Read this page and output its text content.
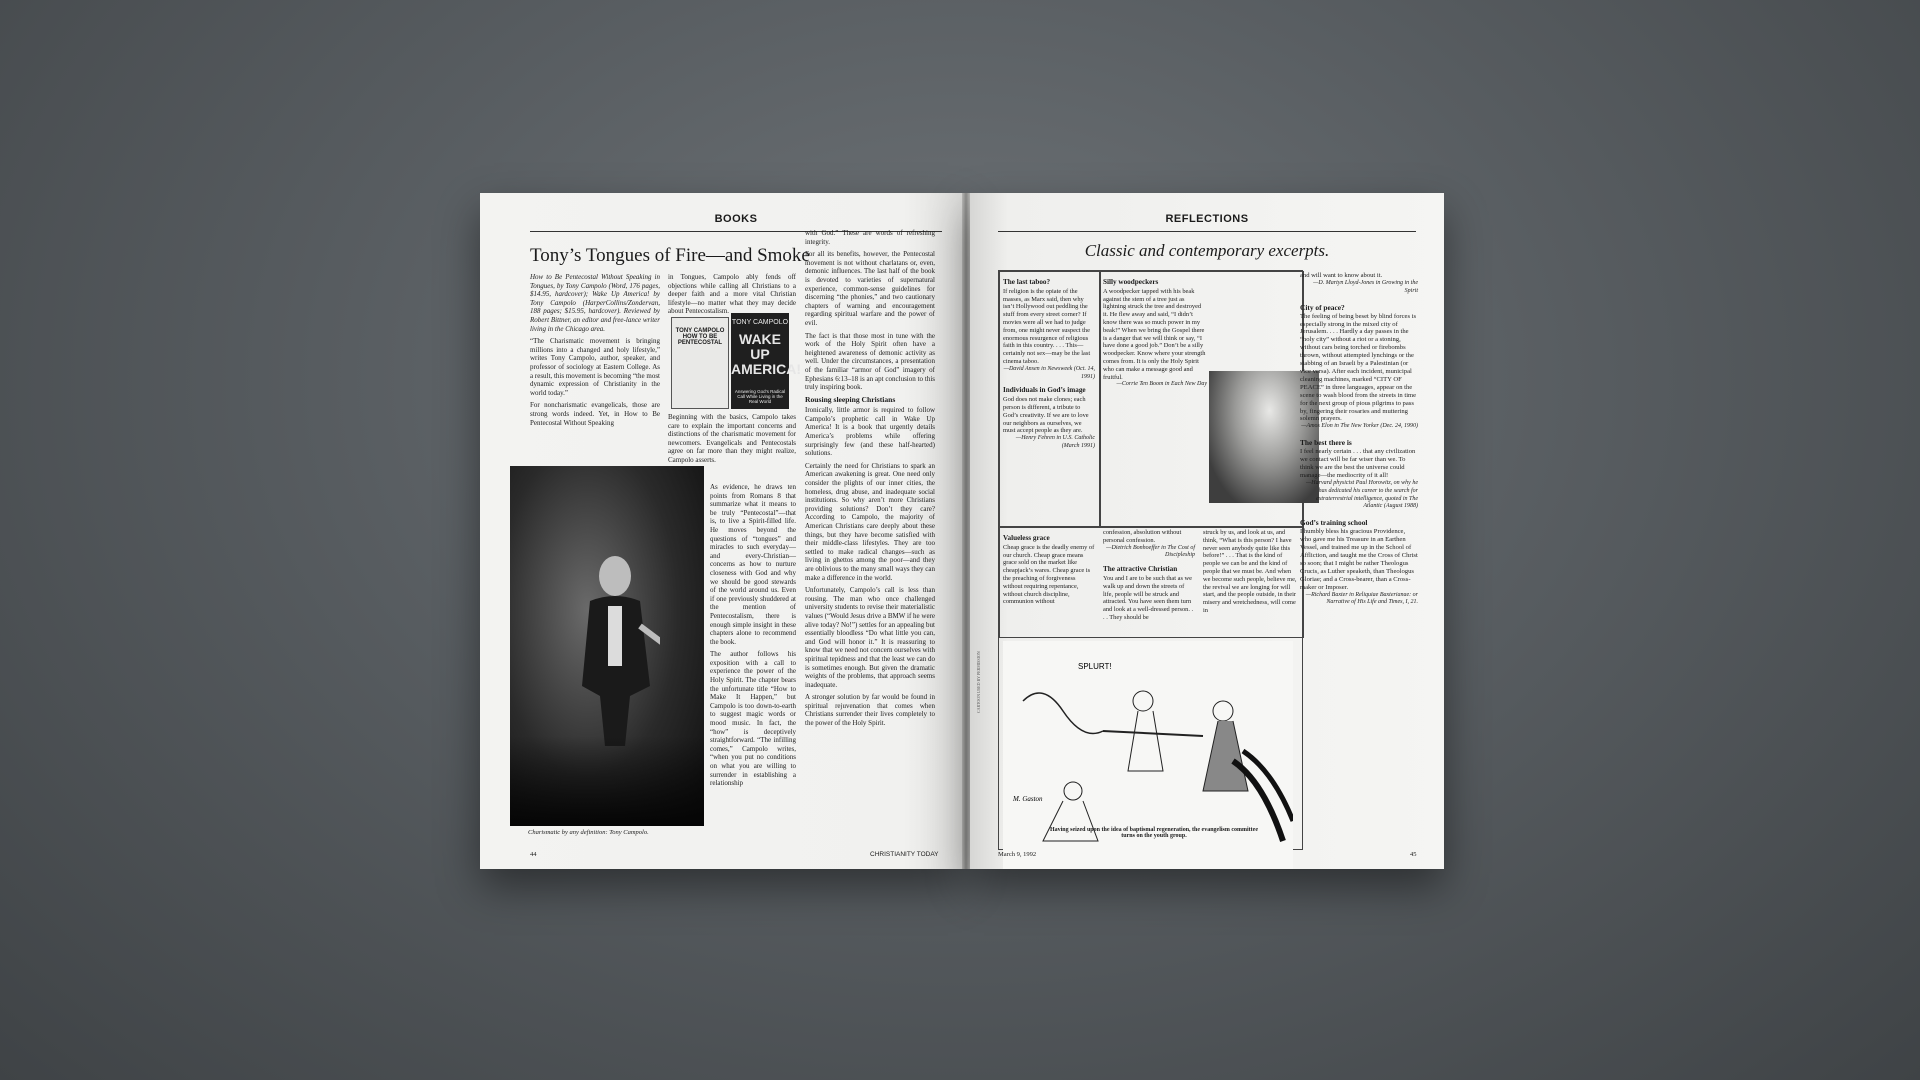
BOOKS
Tony’s Tongues of Fire—and Smoke

How to Be Pentecostal Without Speaking in Tongues, by Tony Campolo (Word, 176 pages, $14.95, hardcover); Wake Up America! by Tony Campolo (HarperCollins/Zondervan, 188 pages; $15.95, hardcover). Reviewed by Robert Bittner, an editor and free-lance writer living in the Chicago area.

“The Charismatic movement is bringing millions into a changed and holy lifestyle,” writes Tony Campolo, author, speaker, and professor of sociology at Eastern College. As a result, this movement is becoming “the most dynamic expression of Christianity in the world today.”

For noncharismatic evangelicals, those are strong words indeed. Yet, in How to Be Pentecostal Without Speaking

in Tongues, Campolo ably fends off objections while calling all Christians to a deeper faith and a more vital Christian lifestyle—no matter what they may decide about Pentecostalism.

TONY CAMPOLO HOW TO BE PENTECOSTAL
TONY CAMPOLO
WAKE UP AMERICA!
Answering God’s Radical Call While Living in the Real World

Beginning with the basics, Campolo takes care to explain the important concerns and distinctions of the charismatic movement for newcomers. Evangelicals and Pentecostals agree on far more than they might realize, Campolo asserts.

As evidence, he draws ten points from Romans 8 that summarize what it means to be truly “Pentecostal”—that is, to live a Spirit-filled life. He moves beyond the questions of “tongues” and miracles to such everyday—and every-Christian—concerns as how to nurture closeness with God and why we should be good stewards of the world around us. Even if one previously shuddered at the mention of Pentecostalism, there is enough simple insight in these chapters alone to recommend the book.

The author follows his exposition with a call to experience the power of the Holy Spirit. The chapter bears the unfortunate title “How to Make It Happen,” but Campolo is too down-to-earth to suggest magic words or mood music. In fact, the “how” is deceptively straightforward. “The infilling comes,” Campolo writes, “when you put no conditions on what you are willing to surrender in establishing a relationship

Charismatic by any definition: Tony Campolo.

with God.” These are words of refreshing integrity.

For all its benefits, however, the Pentecostal movement is not without charlatans or, even, demonic influences. The last half of the book is devoted to varieties of supernatural experience, common-sense guidelines for discerning “the phonies,” and two cautionary chapters of warning and encouragement regarding spiritual warfare and the power of evil.

The fact is that those most in tune with the work of the Holy Spirit often have a heightened awareness of demonic activity as well. Under the circumstances, a presentation of the familiar “armor of God” imagery of Ephesians 6:13–18 is an apt conclusion to this truly inspiring book.

Rousing sleeping Christians

Ironically, little armor is required to follow Campolo’s prophetic call in Wake Up America! It is a book that urgently details America’s problems while offering surprisingly few (and these half-hearted) solutions.

Certainly the need for Christians to spark an American awakening is great. One need only consider the plights of our inner cities, the homeless, drug abuse, and inadequate social institutions. So why aren’t more Christians providing solutions? Don’t they care? According to Campolo, the majority of American Christians care deeply about these things, but they have become satisfied with their middle-class lifestyles. They are too settled to make radical changes—such as living in ghettos among the poor—and they are oblivious to the many small ways they can make a difference in the world.

Unfortunately, Campolo’s call is less than rousing. The man who once challenged university students to revise their materialistic values (“Would Jesus drive a BMW if he were alive today? No!”) settles for an appealing but essentially bloodless “Do what little you can, and God will honor it.” It is reassuring to know that we need not concern ourselves with spiritual tepidness and that the least we can do is sometimes enough. But given the dramatic weights of the problems, that approach seems inadequate.

A stronger solution by far would be found in spiritual rejuvenation that comes when Christians surrender their lives completely to the power of the Holy Spirit.

44	CHRISTIANITY TODAY
REFLECTIONS
Classic and contemporary excerpts.
The last taboo?
If religion is the opiate of the masses, as Marx said, then why isn’t Hollywood out peddling the stuff from every street corner? If movies were all we had to judge from, one might never suspect the enormous resurgence of religious faith in this country. . . . This—certainly not sex—may be the last cinema taboo.
—David Ansen in Newsweek (Oct. 14, 1991)
Individuals in God’s image
God does not make clones; each person is different, a tribute to God’s creativity. If we are to love our neighbors as ourselves, we must accept people as they are.
—Henry Fehren in U.S. Catholic (March 1991)
Silly woodpeckers
A woodpecker tapped with his beak against the stem of a tree just as lightning struck the tree and destroyed it. He flew away and said, “I didn’t know there was so much power in my beak!” When we bring the Gospel there is a danger that we will think or say, “I have done a good job.” Don’t be a silly woodpecker. Know where your strength comes from. It is only the Holy Spirit who can make a message good and fruitful.
—Corrie Ten Boom in Each New Day
Valueless grace
Cheap grace is the deadly enemy of our church. Cheap grace means grace sold on the market like cheapjack’s wares. Cheap grace is the preaching of forgiveness without requiring repentance, without church discipline, communion without
confession, absolution without personal confession.
—Dietrich Bonhoeffer in The Cost of Discipleship
The attractive Christian
You and I are to be such that as we walk up and down the streets of life, people will be struck and attracted. You have seen them turn and look at a well-dressed person. . . . They should be
struck by us, and look at us, and think, “What is this person? I have never seen anybody quite like this before!” . . . That is the kind of people we can be and the kind of people that we must be. And when we become such people, believe me, the revival we are longing for will start, and the people outside, in their misery and wretchedness, will come in
SPLURT!
M. Gaston
Having seized upon the idea of baptismal regeneration, the evangelism committee turns on the youth group.
and will want to know about it.
—D. Martyn Lloyd-Jones in Growing in the Spirit
City of peace?
The feeling of being beset by blind forces is especially strong in the mixed city of Jerusalem. . . . Hardly a day passes in the “holy city” without a riot or a stoning, without cars being torched or firebombs thrown, without attempted lynchings or the stabbing of an Israeli by a Palestinian (or vice versa). After each incident, municipal cleaning machines, marked “CITY OF PEACE” in three languages, appear on the scene to wash blood from the streets in time for the next group of pious pilgrims to pass by, fingering their rosaries and muttering solemn prayers.
—Amos Elon in The New Yorker (Dec. 24, 1990)
The best there is
I feel nearly certain . . . that any civilization we contact will be far wiser than we. To think we are the best the universe could manage—the mediocrity of it all!
—Harvard physicist Paul Horowitz, on why he has dedicated his career to the search for extraterrestrial intelligence, quoted in The Atlantic (August 1988)
God’s training school
I humbly bless his gracious Providence, who gave me his Treasure in an Earthen Vessel, and trained me up in the School of Affliction, and taught me the Cross of Christ so soon; that I might be rather Theologus Crucis, as Luther speaketh, than Theologus Gloriae; and a Cross-bearer, than a Cross-maker or Imposer.
—Richard Baxter in Reliquiae Baxterianae: or Narrative of His Life and Times, I, 21.
CARTOON USED BY PERMISSION
March 9, 1992	45
